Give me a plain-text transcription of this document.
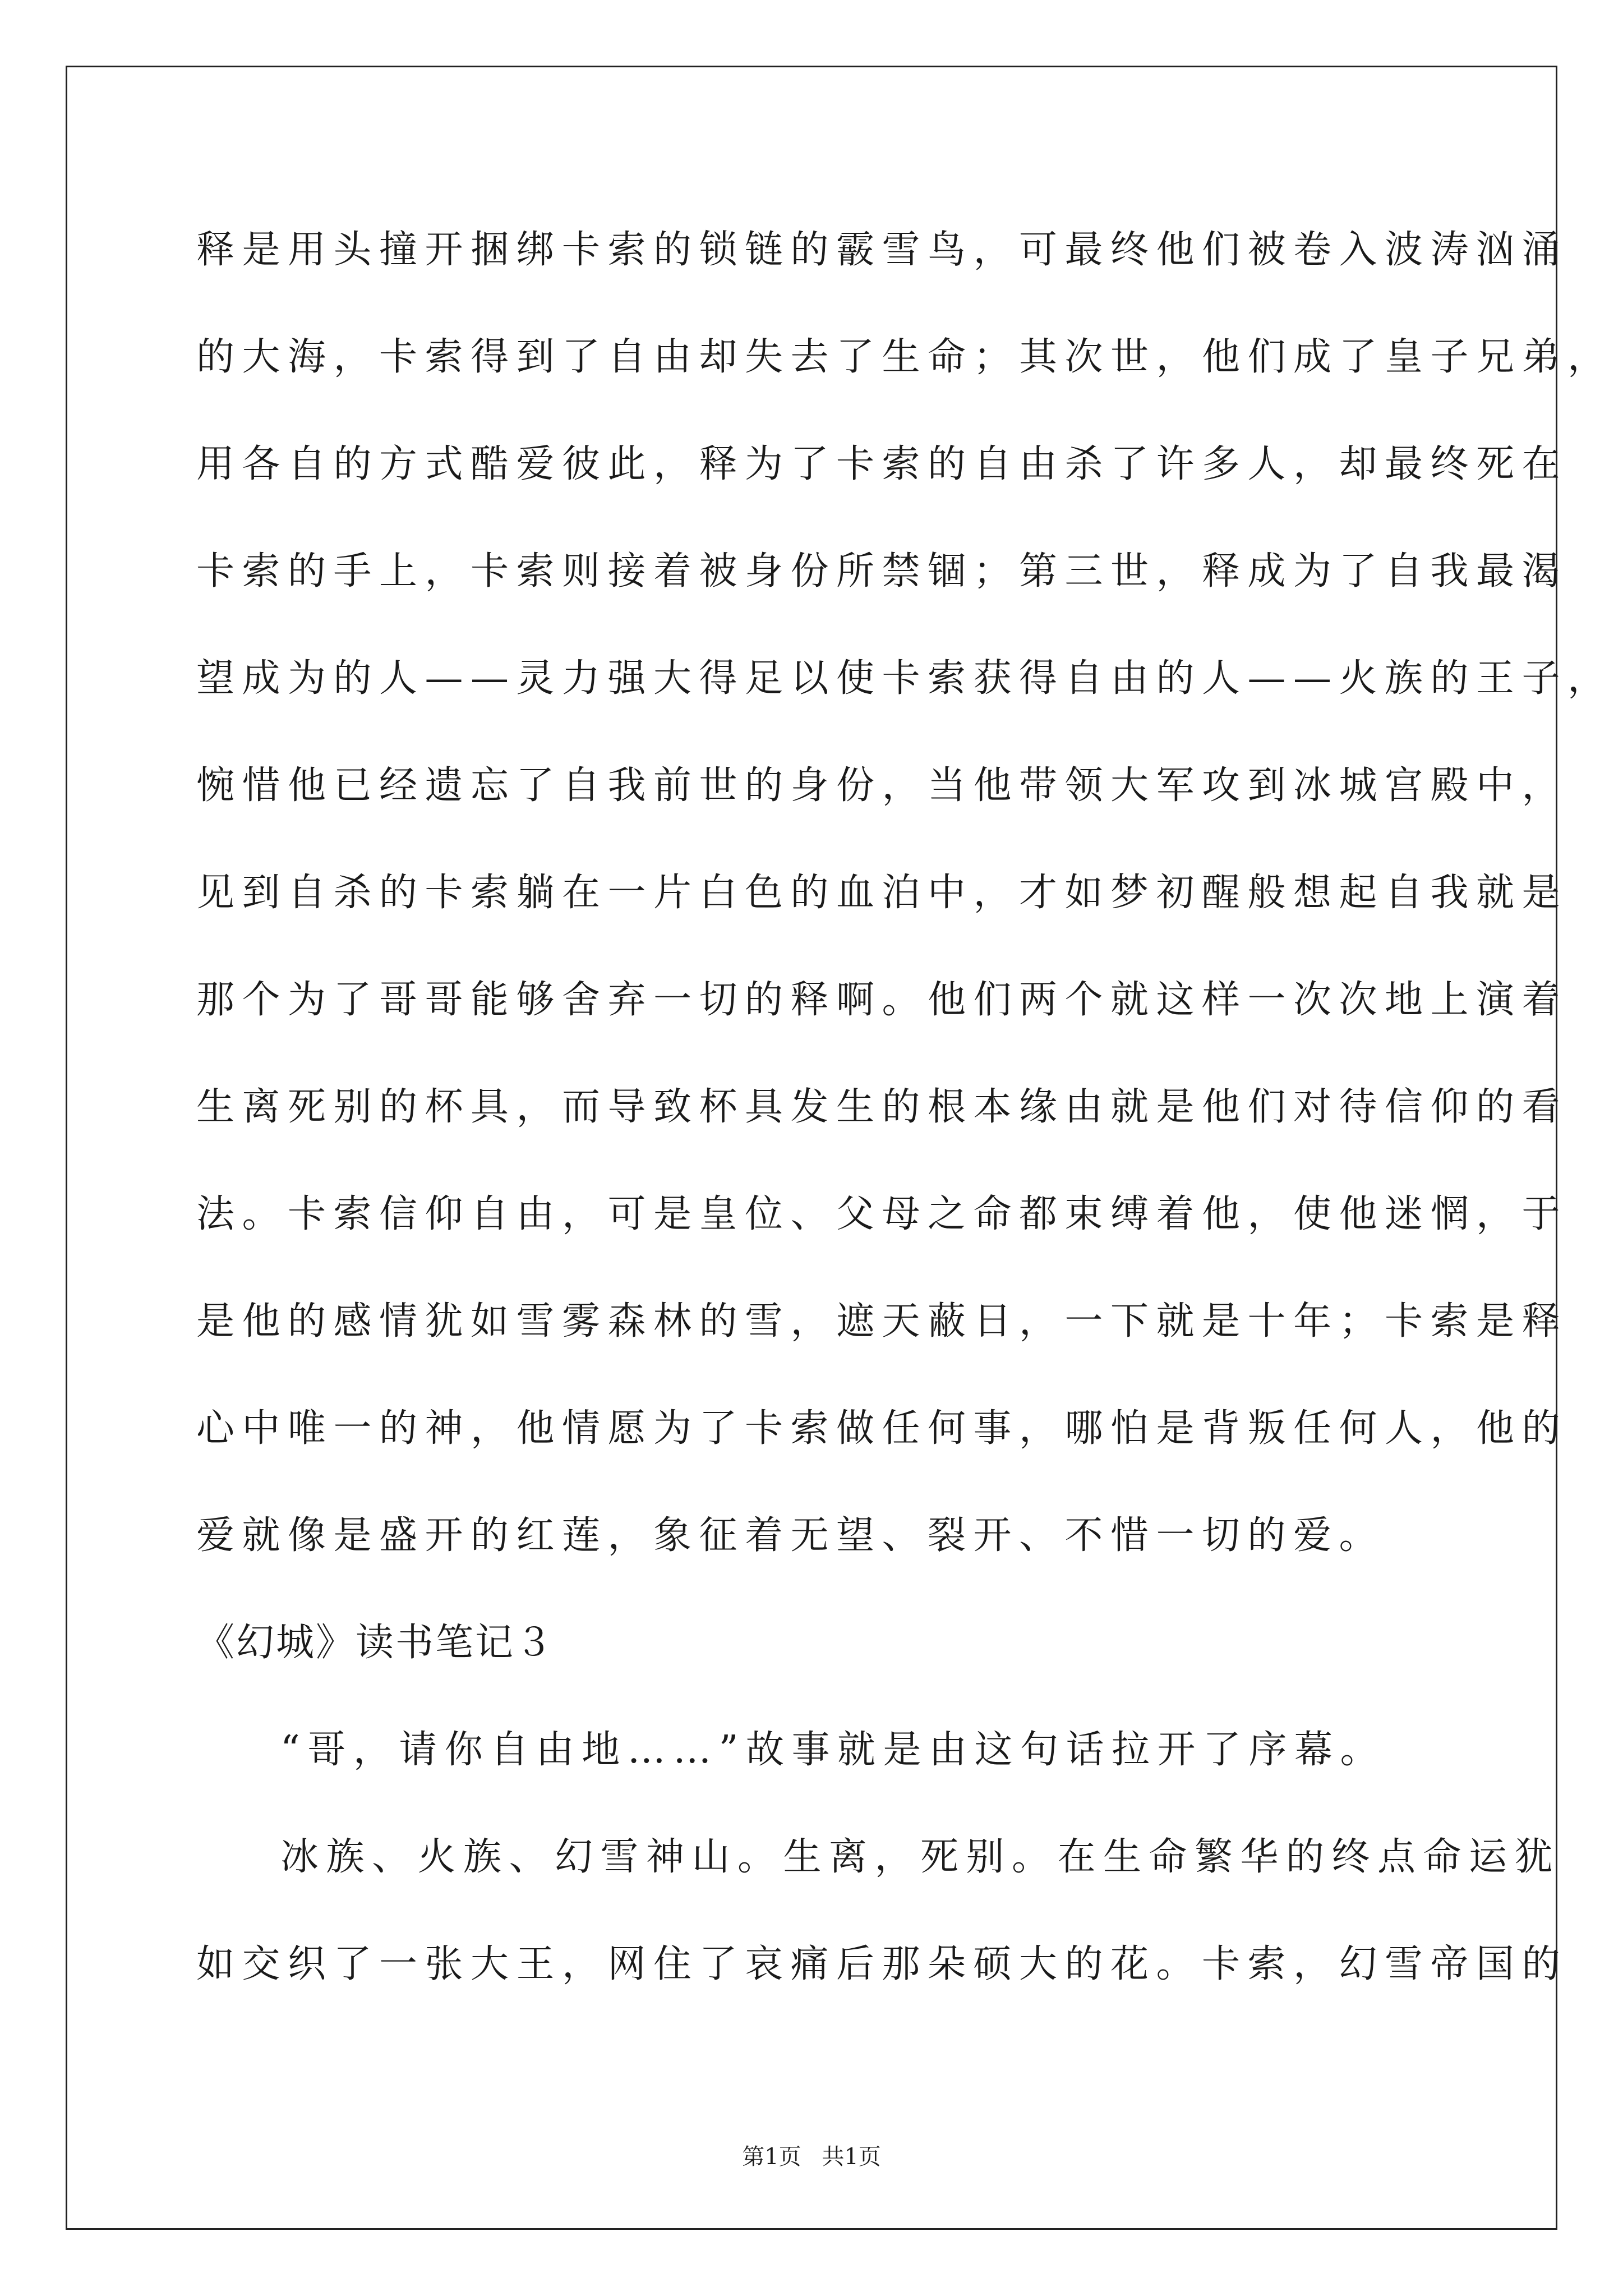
释是用头撞开捆绑卡索的锁链的霰雪鸟，可最终他们被卷入波涛汹涌
的大海，卡索得到了自由却失去了生命；其次世，他们成了皇子兄弟，
用各自的方式酷爱彼此，释为了卡索的自由杀了许多人，却最终死在
卡索的手上，卡索则接着被身份所禁锢；第三世，释成为了自我最渴
望成为的人——灵力强大得足以使卡索获得自由的人——火族的王子，
惋惜他已经遗忘了自我前世的身份，当他带领大军攻到冰城宫殿中，
见到自杀的卡索躺在一片白色的血泊中，才如梦初醒般想起自我就是
那个为了哥哥能够舍弃一切的释啊。他们两个就这样一次次地上演着
生离死别的杯具，而导致杯具发生的根本缘由就是他们对待信仰的看
法。卡索信仰自由，可是皇位、父母之命都束缚着他，使他迷惘，于
是他的感情犹如雪雾森林的雪，遮天蔽日，一下就是十年；卡索是释
心中唯一的神，他情愿为了卡索做任何事，哪怕是背叛任何人，他的
爱就像是盛开的红莲，象征着无望、裂开、不惜一切的爱。
《幻城》读书笔记３
“哥，请你自由地……”故事就是由这句话拉开了序幕。
冰族、火族、幻雪神山。生离，死别。在生命繁华的终点命运犹
如交织了一张大王，网住了哀痛后那朵硕大的花。卡索，幻雪帝国的
第1页 共1页
